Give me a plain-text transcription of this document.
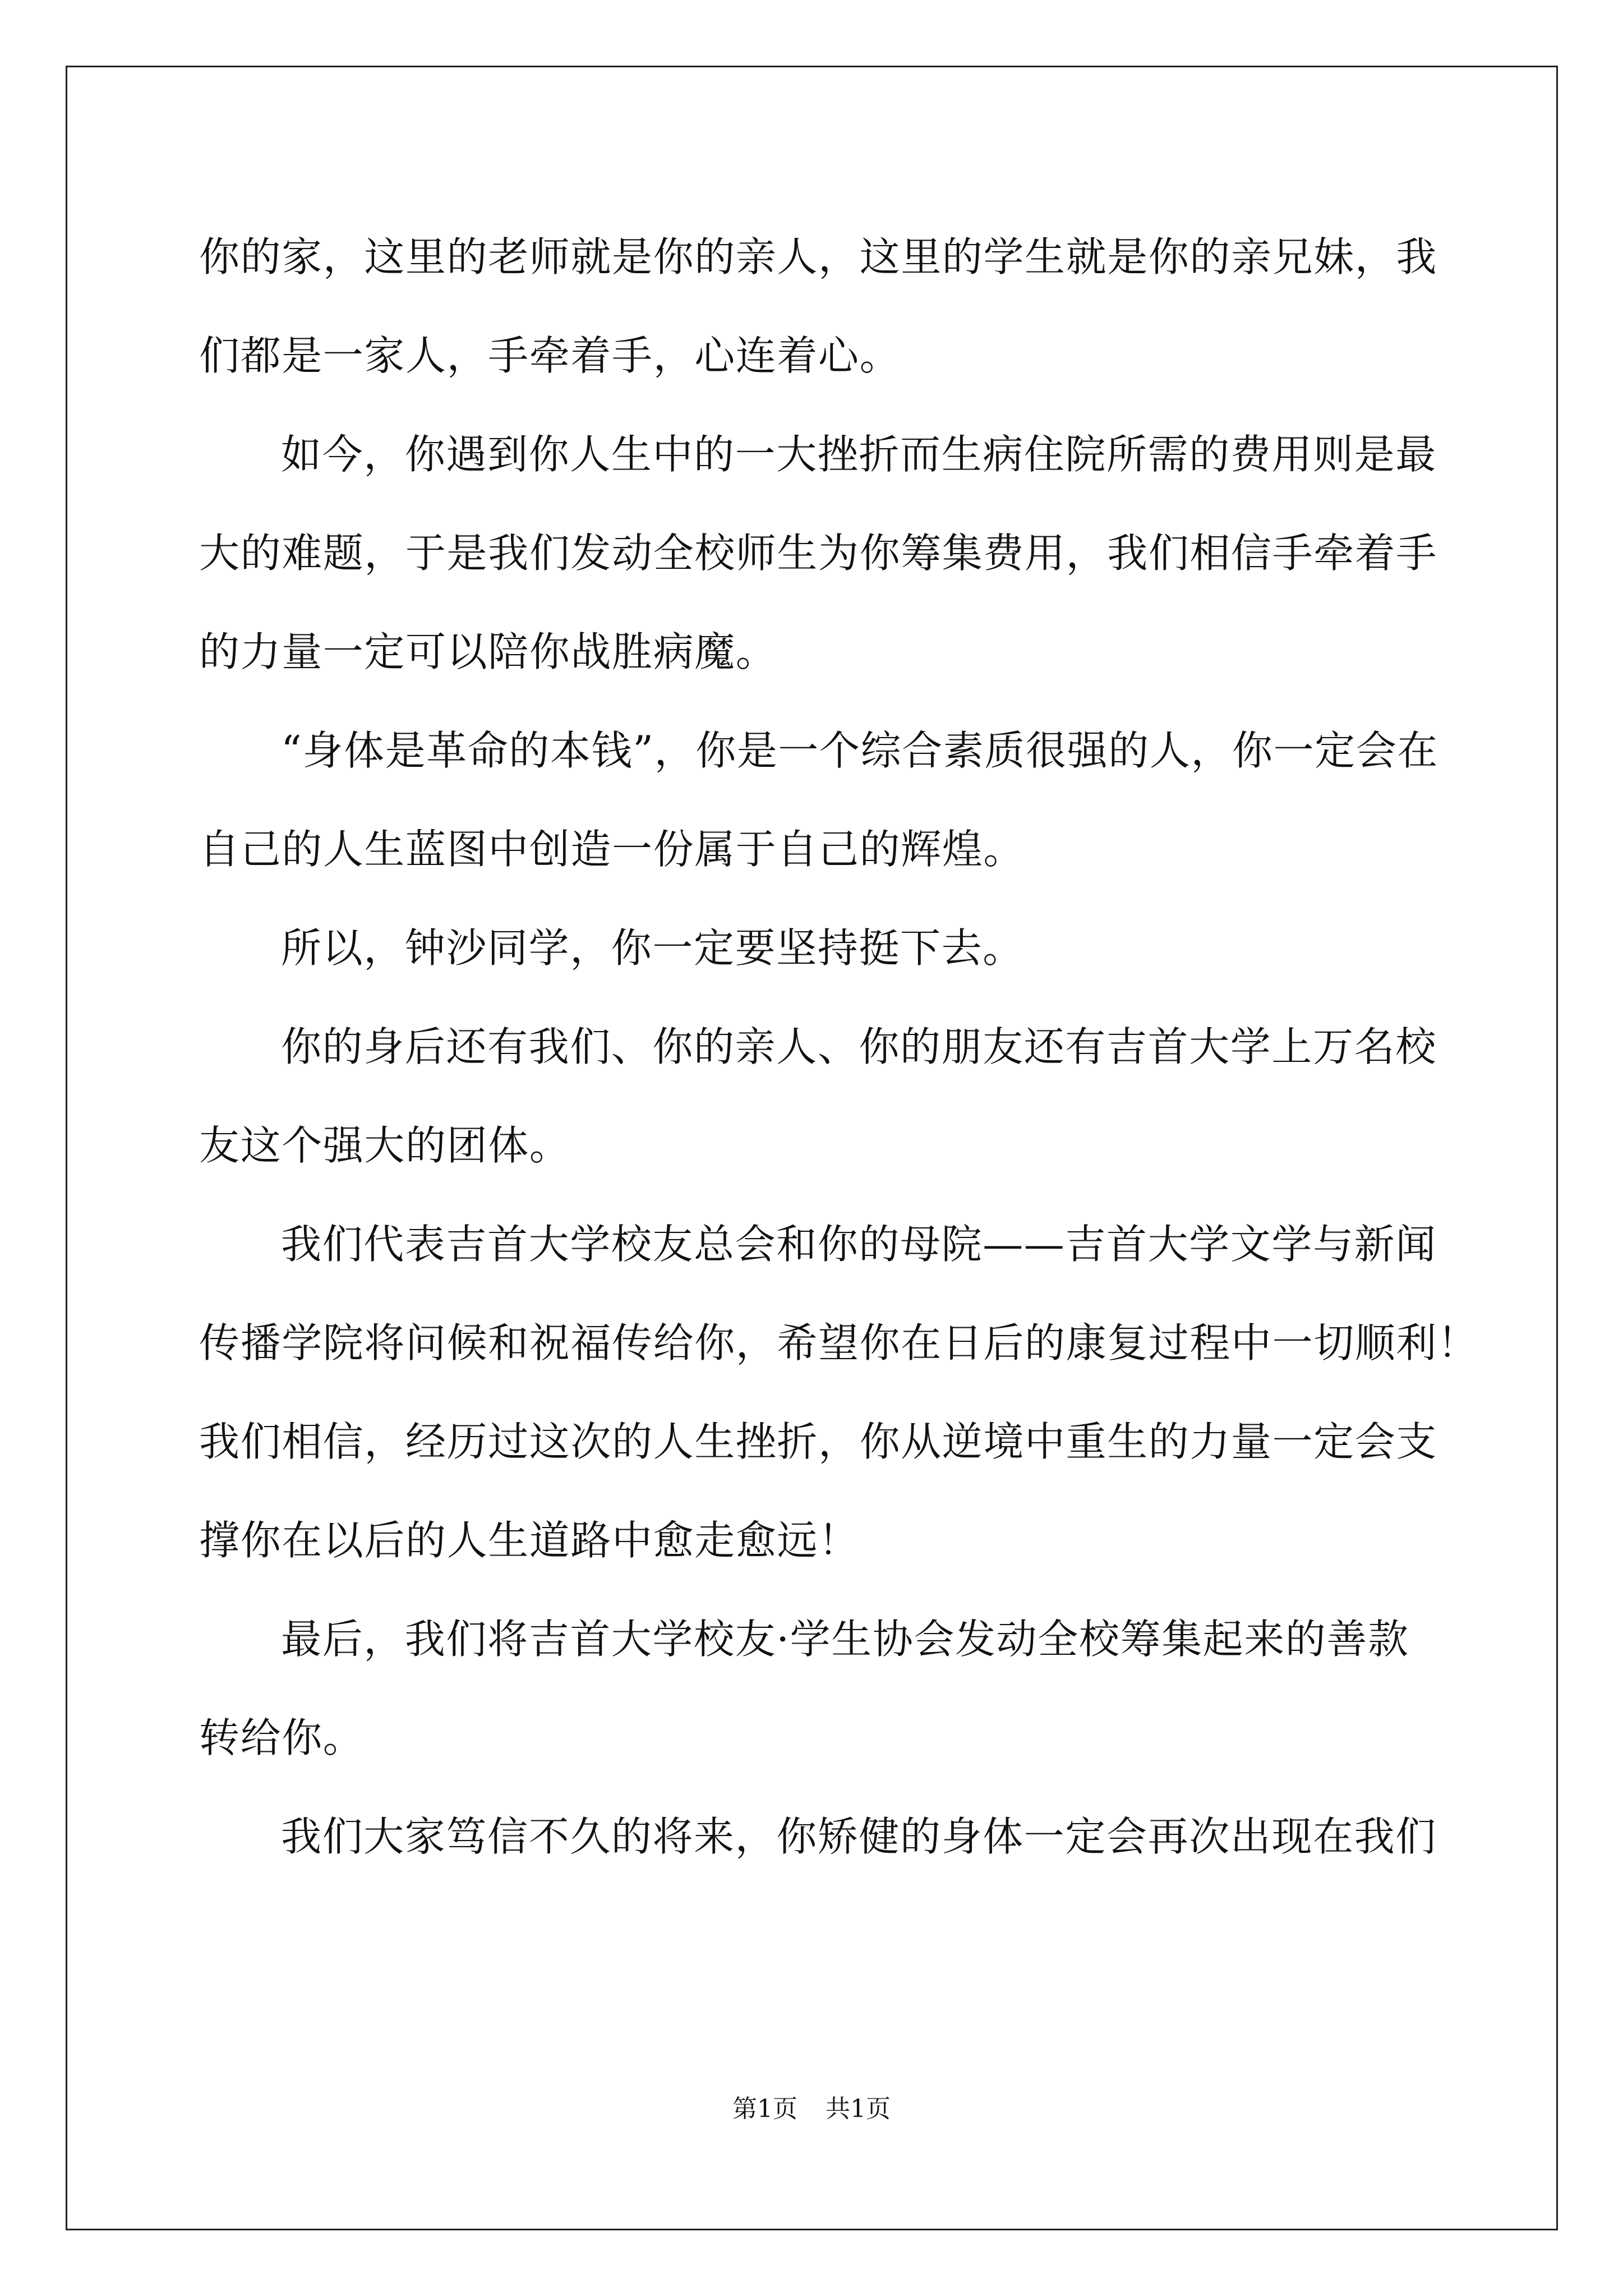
你的家，这里的老师就是你的亲人，这里的学生就是你的亲兄妹，我
们都是一家人，手牵着手，心连着心。
如今，你遇到你人生中的一大挫折而生病住院所需的费用则是最
大的难题，于是我们发动全校师生为你筹集费用，我们相信手牵着手
的力量一定可以陪你战胜病魔。
“身体是革命的本钱”，你是一个综合素质很强的人，你一定会在
自己的人生蓝图中创造一份属于自己的辉煌。
所以，钟沙同学，你一定要坚持挺下去。
你的身后还有我们、你的亲人、你的朋友还有吉首大学上万名校
友这个强大的团体。
我们代表吉首大学校友总会和你的母院——吉首大学文学与新闻
传播学院将问候和祝福传给你，希望你在日后的康复过程中一切顺利！
我们相信，经历过这次的人生挫折，你从逆境中重生的力量一定会支
撑你在以后的人生道路中愈走愈远！
最后，我们将吉首大学校友·学生协会发动全校筹集起来的善款
转给你。
我们大家笃信不久的将来，你矫健的身体一定会再次出现在我们
第1页 共1页
